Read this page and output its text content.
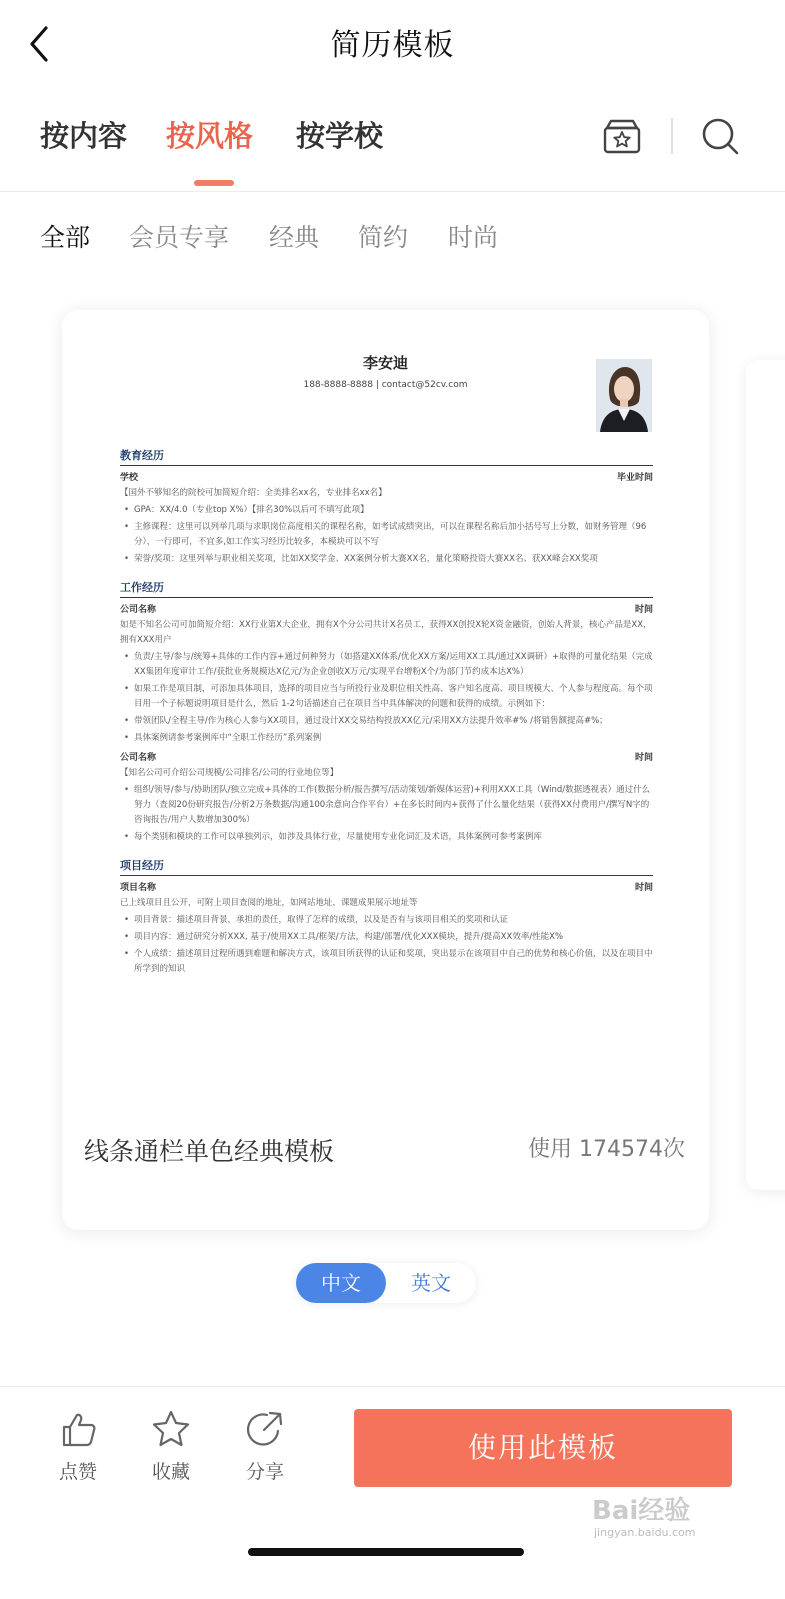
简历模板
按内容 按风格 按学校
全部 会员专享 经典 简约 时尚
李安迪
188-8888-8888 | contact@52cv.com
教育经历
学校	毕业时间
【国外不够知名的院校可加简短介绍：全美排名xx名，专业排名xx名】
• GPA：XX/4.0（专业top X%）【排名30%以后可不填写此项】
• 主修课程：这里可以列举几项与求职岗位高度相关的课程名称，如考试成绩突出，可以在课程名称后加小括号写上分数，如财务管理（96分），一行即可，不宜多,如工作实习经历比较多，本模块可以不写
• 荣誉/奖项：这里列举与职业相关奖项，比如XX奖学金、XX案例分析大赛XX名，量化策略投资大赛XX名、获XX峰会XX奖项
工作经历
公司名称	时间
如是不知名公司可加简短介绍：XX行业第X大企业，拥有X个分公司共计X名员工，获得XX创投X轮X资金融资，创始人背景，核心产品是XX，拥有XXX用户
• 负责/主导/参与/统筹+具体的工作内容+通过何种努力（如搭建XX体系/优化XX方案/运用XX工具/通过XX调研）+取得的可量化结果（完成XX集团年度审计工作/获批业务规模达X亿元/为企业创收X万元/实现平台增粉X个/为部门节约成本达X%）
• 如果工作是项目制，可添加具体项目，选择的项目应当与所投行业及职位相关性高、客户知名度高、项目规模大、个人参与程度高。每个项目用一个子标题说明项目是什么，然后 1-2句话描述自己在项目当中具体解决的问题和获得的成绩。示例如下：
• 带领团队/全程主导/作为核心人参与XX项目，通过设计XX交易结构投放XX亿元/采用XX方法提升效率#% /将销售额提高#%；
• 具体案例请参考案例库中“全职工作经历”系列案例
公司名称	时间
【知名公司可介绍公司规模/公司排名/公司的行业地位等】
• 组织/领导/参与/协助团队/独立完成+具体的工作(数据分析/报告撰写/活动策划/新媒体运营)+利用XXX工具（Wind/数据透视表）通过什么努力（查阅20份研究报告/分析2万条数据/沟通100余意向合作平台）+在多长时间内+获得了什么量化结果（获得XX付费用户/撰写N字的咨询报告/用户人数增加300%）
• 每个类别和模块的工作可以单独列示，如涉及具体行业，尽量使用专业化词汇及术语，具体案例可参考案例库
项目经历
项目名称	时间
已上线项目且公开，可附上项目查阅的地址，如网站地址，课题成果展示地址等
• 项目背景：描述项目背景，承担的责任，取得了怎样的成绩，以及是否有与该项目相关的奖项和认证
• 项目内容：通过研究分析XXX, 基于/使用XX工具/框架/方法，构建/部署/优化XXX模块，提升/提高XX效率/性能X%
• 个人成绩：描述项目过程所遇到难题和解决方式，该项目所获得的认证和奖项，突出显示在该项目中自己的优势和核心价值，以及在项目中所学到的知识
线条通栏单色经典模板	使用 174574次
中文	英文
点赞	收藏	分享
使用此模板
Bai经验
jingyan.baidu.com
